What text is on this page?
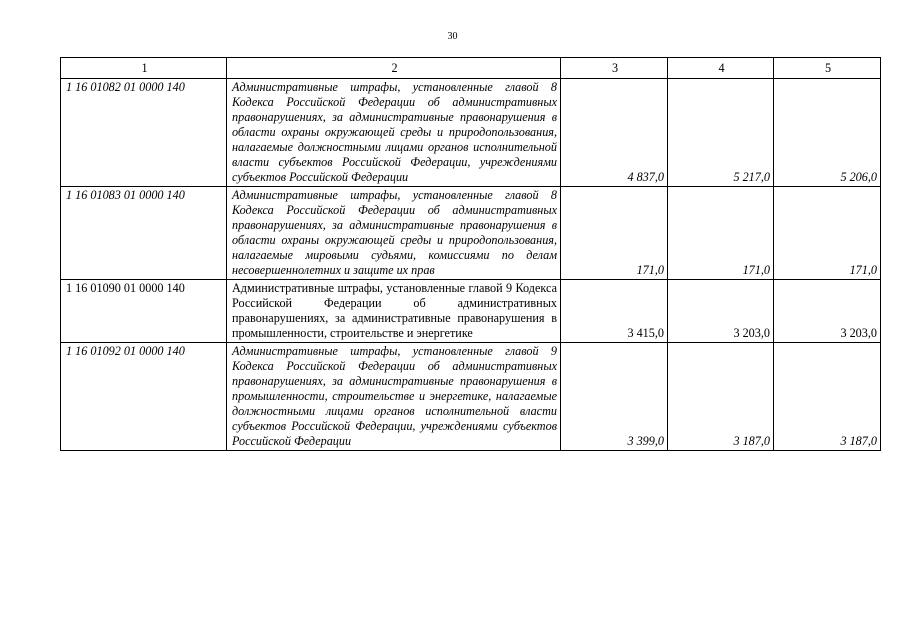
30
1	2	3	4	5
1 16 01082 01 0000 140	Административные штрафы, установленные главой 8 Кодекса Российской Федерации об административных правонарушениях, за административные правонарушения в области охраны окружающей среды и природопользования, налагаемые должностными лицами органов исполнительной власти субъектов Российской Федерации, учреждениями субъектов Российской Федерации	4 837,0	5 217,0	5 206,0
1 16 01083 01 0000 140	Административные штрафы, установленные главой 8 Кодекса Российской Федерации об административных правонарушениях, за административные правонарушения в области охраны окружающей среды и природопользования, налагаемые мировыми судьями, комиссиями по делам несовершеннолетних и защите их прав	171,0	171,0	171,0
1 16 01090 01 0000 140	Административные штрафы, установленные главой 9 Кодекса Российской Федерации об административных правонарушениях, за административные правонарушения в промышленности, строительстве и энергетике	3 415,0	3 203,0	3 203,0
1 16 01092 01 0000 140	Административные штрафы, установленные главой 9 Кодекса Российской Федерации об административных правонарушениях, за административные правонарушения в промышленности, строительстве и энергетике, налагаемые должностными лицами органов исполнительной власти субъектов Российской Федерации, учреждениями субъектов Российской Федерации	3 399,0	3 187,0	3 187,0
